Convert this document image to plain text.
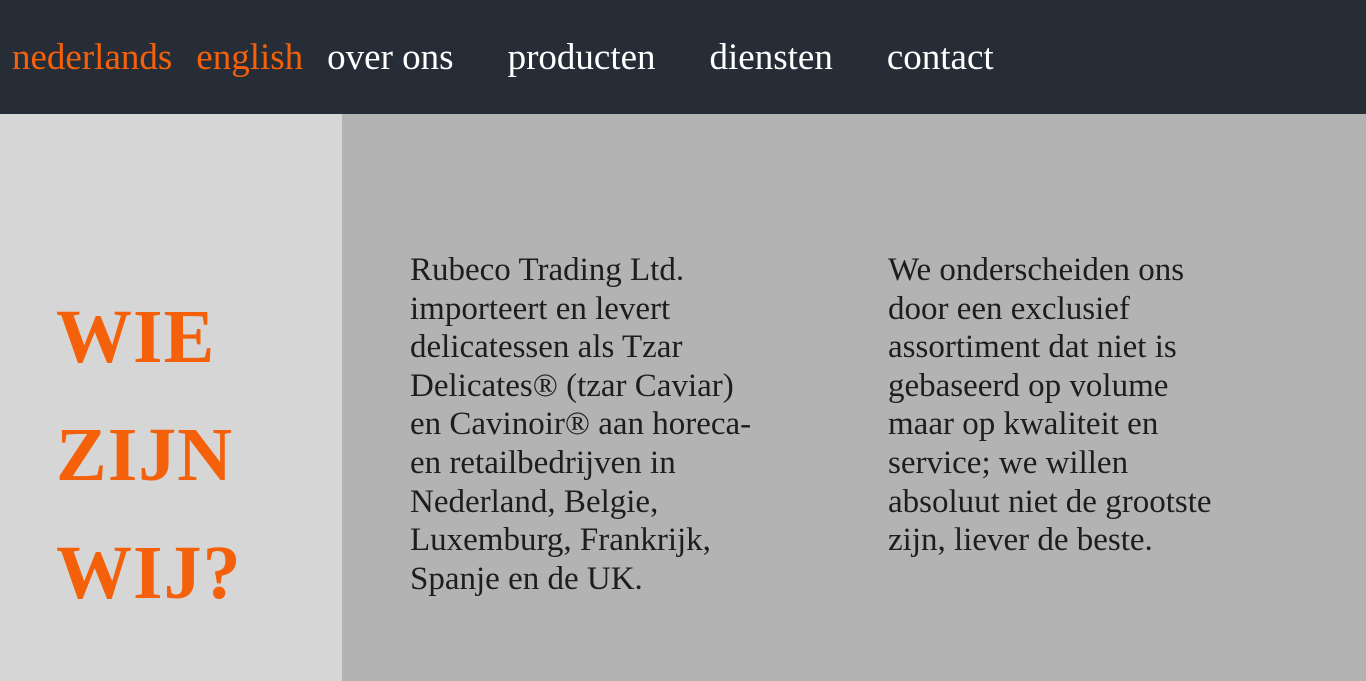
nederlands english over ons producten diensten contact
WIE
ZIJN
WIJ?

Rubeco Trading Ltd. importeert en levert delicatessen als Tzar Delicates® (tzar Caviar) en Cavinoir® aan horeca- en retailbedrijven in Nederland, Belgie, Luxemburg, Frankrijk, Spanje en de UK.

We onderscheiden ons door een exclusief assortiment dat niet is gebaseerd op volume maar op kwaliteit en service; we willen absoluut niet de grootste zijn, liever de beste.
